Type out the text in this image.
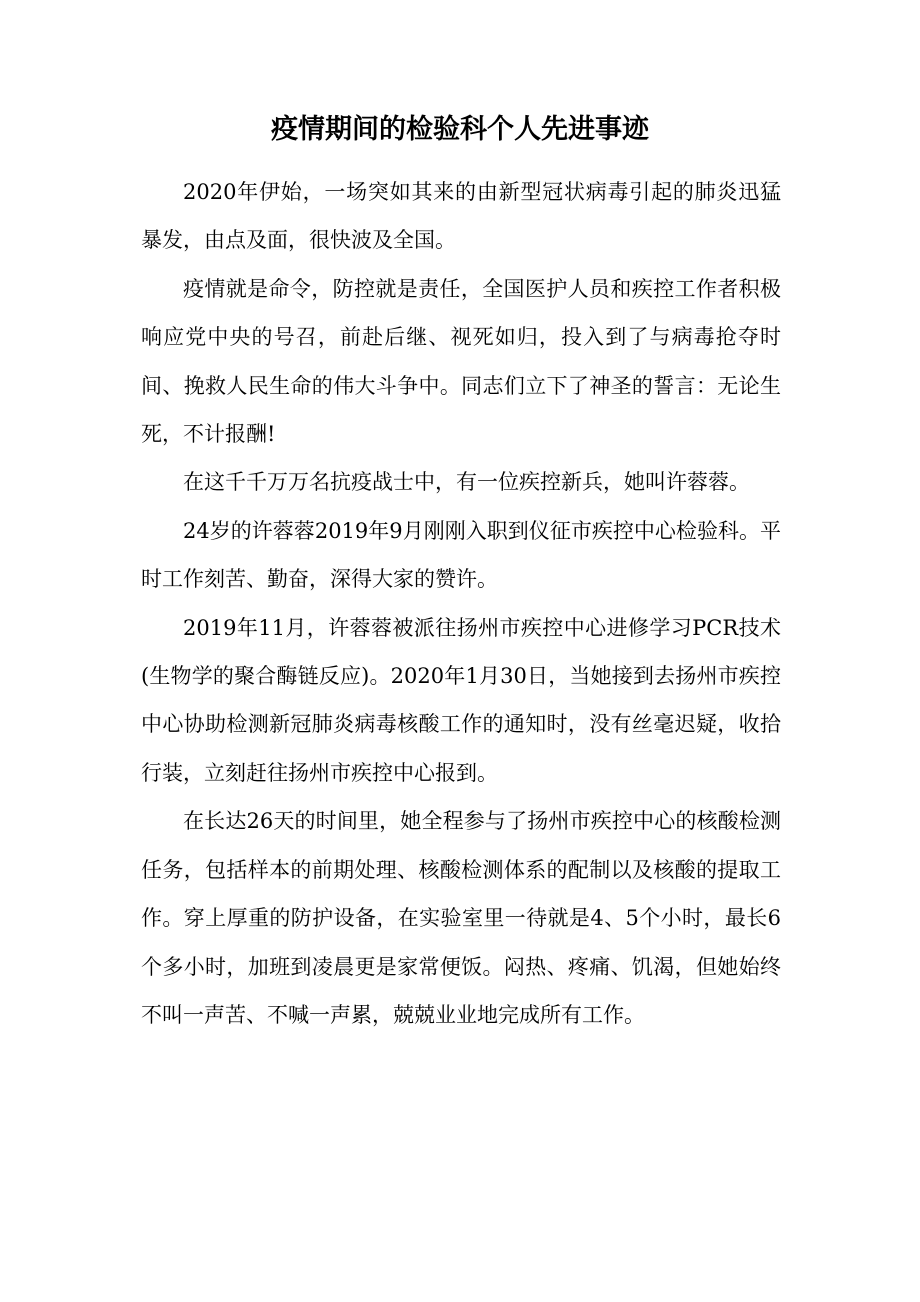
疫情期间的检验科个人先进事迹

2020年伊始，一场突如其来的由新型冠状病毒引起的肺炎迅猛暴发，由点及面，很快波及全国。

疫情就是命令，防控就是责任，全国医护人员和疾控工作者积极响应党中央的号召，前赴后继、视死如归，投入到了与病毒抢夺时间、挽救人民生命的伟大斗争中。同志们立下了神圣的誓言：无论生死，不计报酬!

在这千千万万名抗疫战士中，有一位疾控新兵，她叫许蓉蓉。

24岁的许蓉蓉2019年9月刚刚入职到仪征市疾控中心检验科。平时工作刻苦、勤奋，深得大家的赞许。

2019年11月，许蓉蓉被派往扬州市疾控中心进修学习PCR技术(生物学的聚合酶链反应)。2020年1月30日，当她接到去扬州市疾控中心协助检测新冠肺炎病毒核酸工作的通知时，没有丝毫迟疑，收拾行装，立刻赶往扬州市疾控中心报到。

在长达26天的时间里，她全程参与了扬州市疾控中心的核酸检测任务，包括样本的前期处理、核酸检测体系的配制以及核酸的提取工作。穿上厚重的防护设备，在实验室里一待就是4、5个小时，最长6个多小时，加班到凌晨更是家常便饭。闷热、疼痛、饥渴，但她始终不叫一声苦、不喊一声累，兢兢业业地完成所有工作。
